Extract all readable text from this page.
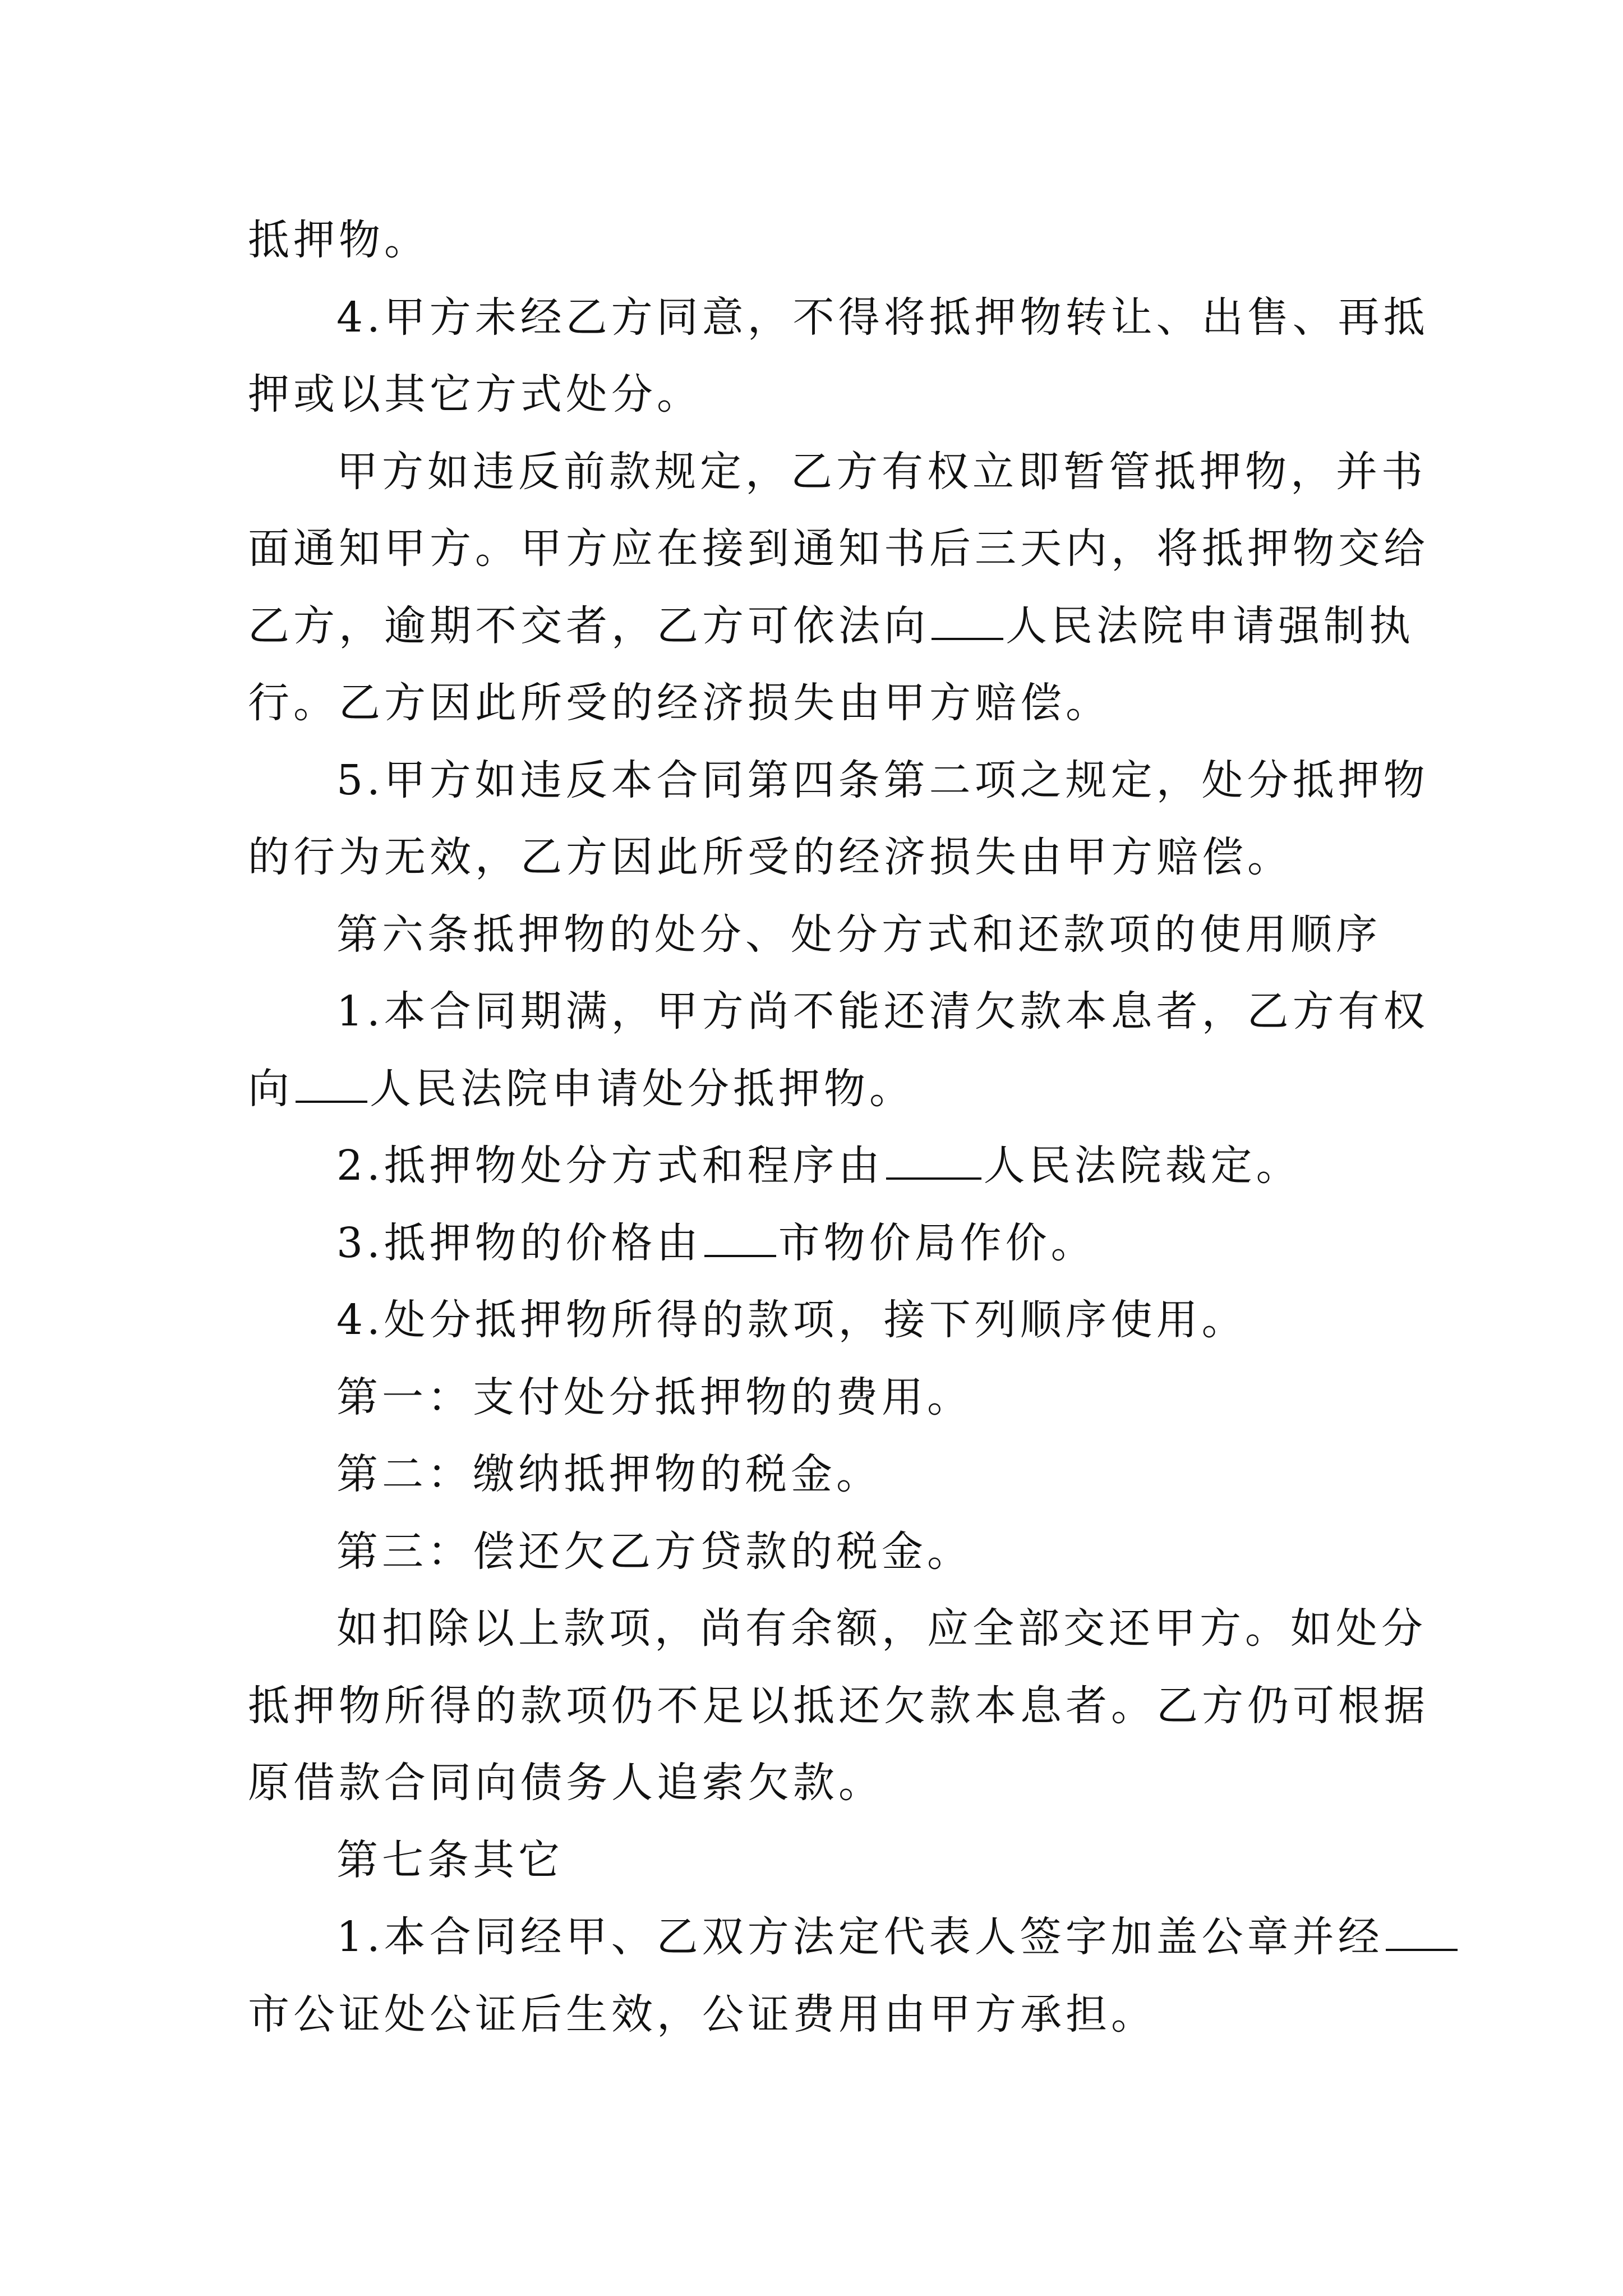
抵押物。
4.甲方未经乙方同意，不得将抵押物转让、出售、再抵
押或以其它方式处分。
甲方如违反前款规定，乙方有权立即暂管抵押物，并书
面通知甲方。甲方应在接到通知书后三天内，将抵押物交给
乙方，逾期不交者，乙方可依法向 人民法院申请强制执
行。乙方因此所受的经济损失由甲方赔偿。
5.甲方如违反本合同第四条第二项之规定，处分抵押物
的行为无效，乙方因此所受的经济损失由甲方赔偿。
第六条抵押物的处分、处分方式和还款项的使用顺序
1.本合同期满，甲方尚不能还清欠款本息者，乙方有权
向 人民法院申请处分抵押物。
2.抵押物处分方式和程序由 人民法院裁定。
3.抵押物的价格由 市物价局作价。
4.处分抵押物所得的款项，接下列顺序使用。
第一：支付处分抵押物的费用。
第二：缴纳抵押物的税金。
第三：偿还欠乙方贷款的税金。
如扣除以上款项，尚有余额，应全部交还甲方。如处分
抵押物所得的款项仍不足以抵还欠款本息者。乙方仍可根据
原借款合同向债务人追索欠款。
第七条其它
1.本合同经甲、乙双方法定代表人签字加盖公章并经
市公证处公证后生效，公证费用由甲方承担。
